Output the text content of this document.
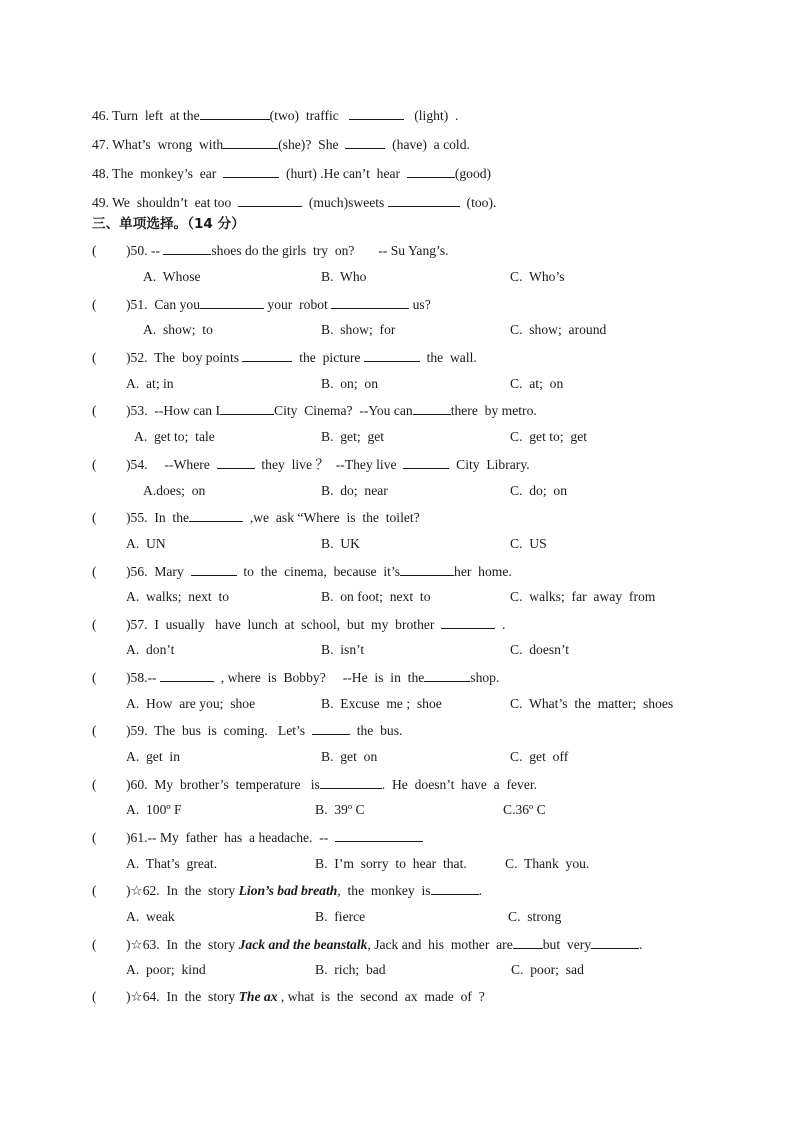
46. Turn  left  at the	(two)  traffic	(light)  .
47. What’s  wrong  with	(she)?  She	(have)  a cold.
48. The  monkey’s  ear	(hurt) .He can’t  hear	(good)
49. We  shouldn’t  eat too	(much)sweets	(too).
三、单项选择。（14 分）
( )50. --	shoes do the girls  try  on?       -- Su Yang’s.
A.  Whose	B.  Who	C.  Who’s
( )51.  Can you	your  robot	us?
A.  show;  to	B.  show;  for	C.  show;  around
( )52.  The  boy points	the  picture	the  wall.
A.  at; in	B.  on;  on	C.  at;  on
( )53.  --How can I	City  Cinema?  --You can	there  by metro.
A.  get to;  tale	B.  get;  get	C.  get to;  get
( )54.     --Where	they  live ？  --They live	City  Library.
A.does;  on	B.  do;  near	C.  do;  on
( )55.  In  the	,we  ask “Where  is  the  toilet?
A.  UN	B.  UK	C.  US
( )56.  Mary	to  the  cinema,  because  it’s	her  home.
A.  walks;  next  to	B.  on foot;  next  to	C.  walks;  far  away  from
( )57.  I  usually   have  lunch  at  school,  but  my  brother	.
A.  don’t	B.  isn’t	C.  doesn’t
( )58.--	, where  is  Bobby?     --He  is  in  the	shop.
A.  How  are you;  shoe	B.  Excuse  me ;  shoe	C.  What’s  the  matter;  shoes
( )59.  The  bus  is  coming.   Let’s	the  bus.
A.  get  in	B.  get  on	C.  get  off
( )60.  My  brother’s  temperature   is	.  He  doesn’t  have  a  fever.
A.  100º F	B.  39º C	C.36º C
( )61.-- My  father  has  a headache.  --
A.  That’s  great.	B.  I’m  sorry  to  hear  that.	C.  Thank  you.
( )☆62.  In  the  story Lion’s bad breath,  the  monkey  is	.
A.  weak	B.  fierce	C.  strong
( )☆63.  In  the  story Jack and the beanstalk, Jack and  his  mother  are but  very	.
A.  poor;  kind	B.  rich;  bad	C.  poor;  sad
( )☆64.  In  the  story The ax , what  is  the  second  ax  made  of  ?
